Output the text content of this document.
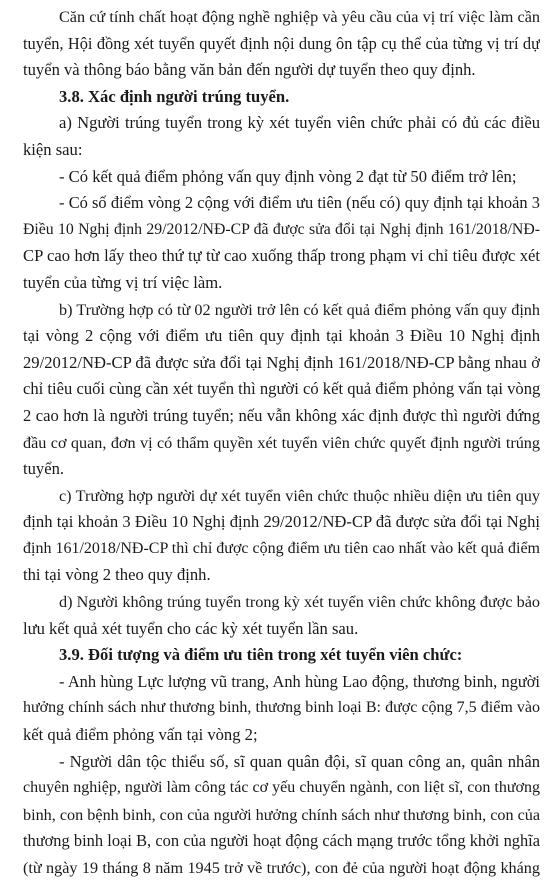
Căn cứ tính chất hoạt động nghề nghiệp và yêu cầu của vị trí việc làm cần
tuyển, Hội đồng xét tuyển quyết định nội dung ôn tập cụ thể của từng vị trí dự
tuyển và thông báo bằng văn bản đến người dự tuyển theo quy định.
3.8. Xác định người trúng tuyển.
a) Người trúng tuyển trong kỳ xét tuyển viên chức phải có đủ các điều
kiện sau:
- Có kết quả điểm phỏng vấn quy định vòng 2 đạt từ 50 điểm trở lên;
- Có số điểm vòng 2 cộng với điểm ưu tiên (nếu có) quy định tại khoản 3
Điều 10 Nghị định 29/2012/NĐ-CP đã được sửa đổi tại Nghị định 161/2018/NĐ-
CP cao hơn lấy theo thứ tự từ cao xuống thấp trong phạm vi chỉ tiêu được xét
tuyển của từng vị trí việc làm.
b) Trường hợp có từ 02 người trở lên có kết quả điểm phỏng vấn quy định
tại vòng 2 cộng với điểm ưu tiên quy định tại khoản 3 Điều 10 Nghị định
29/2012/NĐ-CP đã được sửa đổi tại Nghị định 161/2018/NĐ-CP bằng nhau ở
chỉ tiêu cuối cùng cần xét tuyển thì người có kết quả điểm phỏng vấn tại vòng
2 cao hơn là người trúng tuyển; nếu vẫn không xác định được thì người đứng
đầu cơ quan, đơn vị có thẩm quyền xét tuyển viên chức quyết định người trúng
tuyển.
c) Trường hợp người dự xét tuyển viên chức thuộc nhiều diện ưu tiên quy
định tại khoản 3 Điều 10 Nghị định 29/2012/NĐ-CP đã được sửa đổi tại Nghị
định 161/2018/NĐ-CP thì chỉ được cộng điểm ưu tiên cao nhất vào kết quả điểm
thi tại vòng 2 theo quy định.
d) Người không trúng tuyển trong kỳ xét tuyển viên chức không được bảo
lưu kết quả xét tuyển cho các kỳ xét tuyển lần sau.
3.9. Đối tượng và điểm ưu tiên trong xét tuyển viên chức:
- Anh hùng Lực lượng vũ trang, Anh hùng Lao động, thương binh, người
hưởng chính sách như thương binh, thương binh loại B: được cộng 7,5 điểm vào
kết quả điểm phỏng vấn tại vòng 2;
- Người dân tộc thiểu số, sĩ quan quân đội, sĩ quan công an, quân nhân
chuyên nghiệp, người làm công tác cơ yếu chuyển ngành, con liệt sĩ, con thương
binh, con bệnh binh, con của người hưởng chính sách như thương binh, con của
thương binh loại B, con của người hoạt động cách mạng trước tổng khởi nghĩa
(từ ngày 19 tháng 8 năm 1945 trở về trước), con đẻ của người hoạt động kháng
